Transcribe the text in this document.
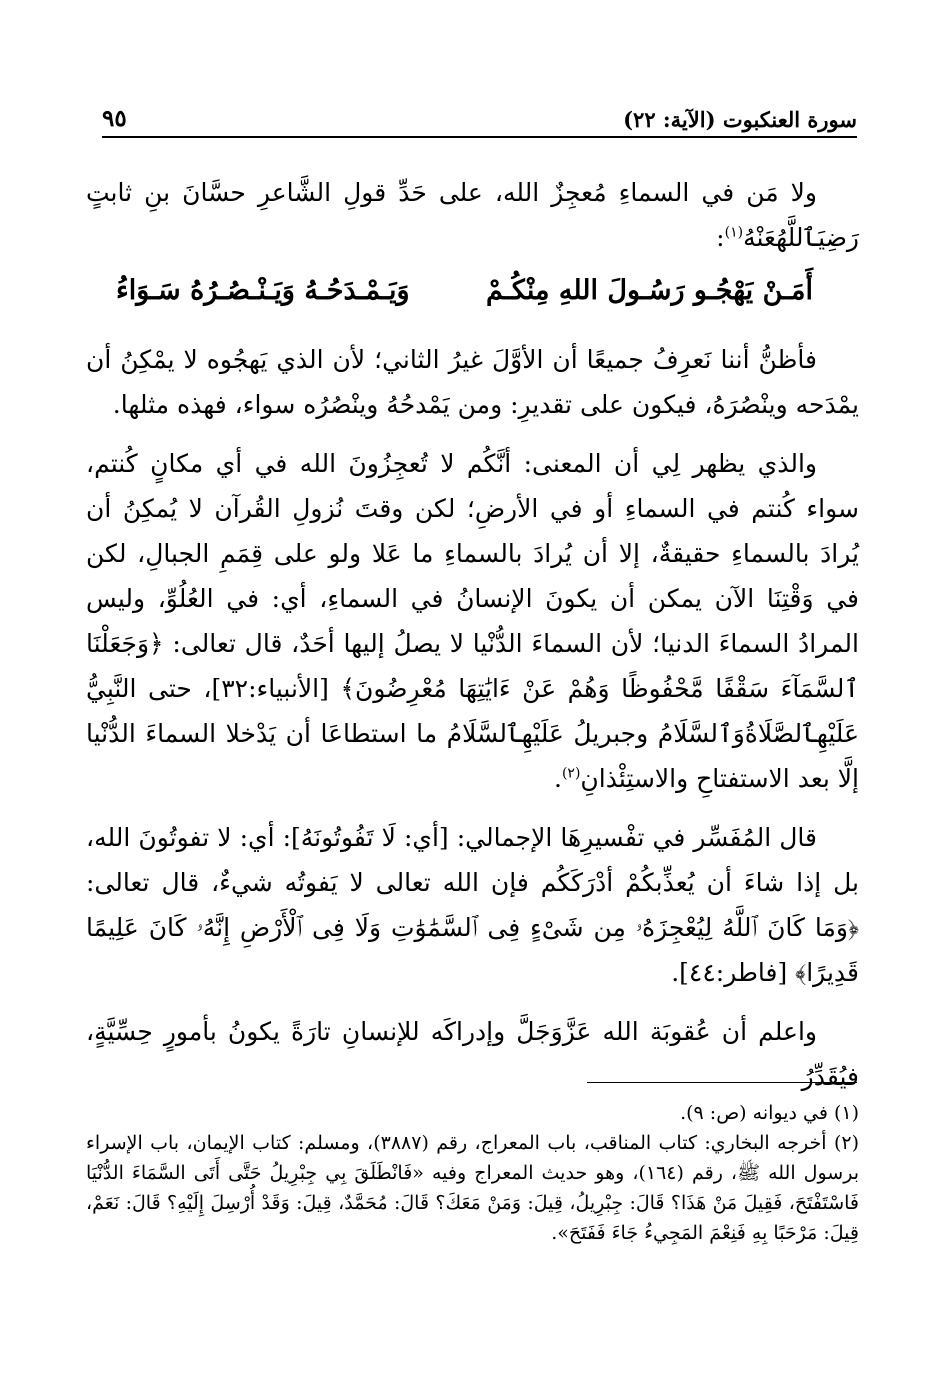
سورة العنكبوت (الآية: ٢٢)
٩٥

ولا مَن في السماءِ مُعجِزٌ الله، على حَدِّ قولِ الشَّاعرِ حسَّانَ بنِ ثابتٍ رَضِيَٱللَّهُعَنْهُ$^{(١)}$:

أَمَـنْ يَهْجُـو رَسُـولَ اللهِ مِنْكُـمْ
وَيَـمْـدَحُـهُ وَيَـنْـصُـرُهُ سَـوَاءُ

فأظنُّ أننا نَعرِفُ جميعًا أن الأوَّلَ غيرُ الثاني؛ لأن الذي يَهجُوه لا يمْكِنُ أن يمْدَحه وينْصُرَهُ، فيكون على تقديرِ: ومن يَمْدحُهُ وينْصُرُه سواء، فهذه مثلها.

والذي يظهر لِي أن المعنى: أنَّكُم لا تُعجِزُونَ الله في أي مكانٍ كُنتم، سواء كُنتم في السماءِ أو في الأرضِ؛ لكن وقتَ نُزولِ القُرآن لا يُمكِنُ أن يُرادَ بالسماءِ حقيقةٌ، إلا أن يُرادَ بالسماءِ ما عَلا ولو على قِمَمِ الجبالِ، لكن في وَقْتِنَا الآن يمكن أن يكونَ الإنسانُ في السماءِ، أي: في العُلُوِّ، وليس المرادُ السماءَ الدنيا؛ لأن السماءَ الدُّنْيا لا يصلُ إليها أحَدٌ، قال تعالى: ﴿وَجَعَلْنَا ٱلسَّمَآءَ سَقْفًا مَّحْفُوظًا وَهُمْ عَنْ ءَايَٰتِهَا مُعْرِضُونَ﴾ [الأنبياء:٣٢]، حتى النَّبِيُّ عَلَيْهِٱلصَّلَاةُوَٱلسَّلَامُ وجبريلُ عَلَيْهِٱلسَّلَامُ ما استطاعَا أن يَدْخلا السماءَ الدُّنْيا إلَّا بعد الاستفتاحِ والاستِئْذانِ$^{(٢)}$.

قال المُفَسِّر في تفْسيرِهَا الإجمالي: [أي: لَا تَفُوتُونَهُ]: أي: لا تفوتُونَ الله، بل إذا شاءَ أن يُعذِّبكُمْ أدْرَكَكُم فإن الله تعالى لا يَفوتُه شيءٌ، قال تعالى: ﴿وَمَا كَانَ ٱللَّهُ لِيُعْجِزَهُۥ مِن شَىْءٍ فِى ٱلسَّمَٰوَٰتِ وَلَا فِى ٱلْأَرْضِ إِنَّهُۥ كَانَ عَلِيمًا قَدِيرًا﴾ [فاطر:٤٤].

واعلم أن عُقوبَة الله عَزَّوَجَلَّ وإدراكَه للإنسانِ تارَةً يكونُ بأمورٍ حِسِّيَّةٍ، فيُقَدِّرُ

(١) في ديوانه (ص: ٩).

(٢) أخرجه البخاري: كتاب المناقب، باب المعراج، رقم (٣٨٨٧)، ومسلم: كتاب الإيمان، باب الإسراء برسول الله ﷺ، رقم (١٦٤)، وهو حديث المعراج وفيه «فَانْطَلَقَ بِي جِبْرِيلُ حَتَّى أَتَى السَّمَاءَ الدُّنْيَا فَاسْتَفْتَحَ، فَقِيلَ مَنْ هَذَا؟ قَالَ: جِبْرِيلُ، قِيلَ: وَمَنْ مَعَكَ؟ قَالَ: مُحَمَّدٌ، قِيلَ: وَقَدْ أُرْسِلَ إِلَيْهِ؟ قَالَ: نَعَمْ، قِيلَ: مَرْحَبًا بِهِ فَنِعْمَ المَجِيءُ جَاءَ فَفَتَحَ».
